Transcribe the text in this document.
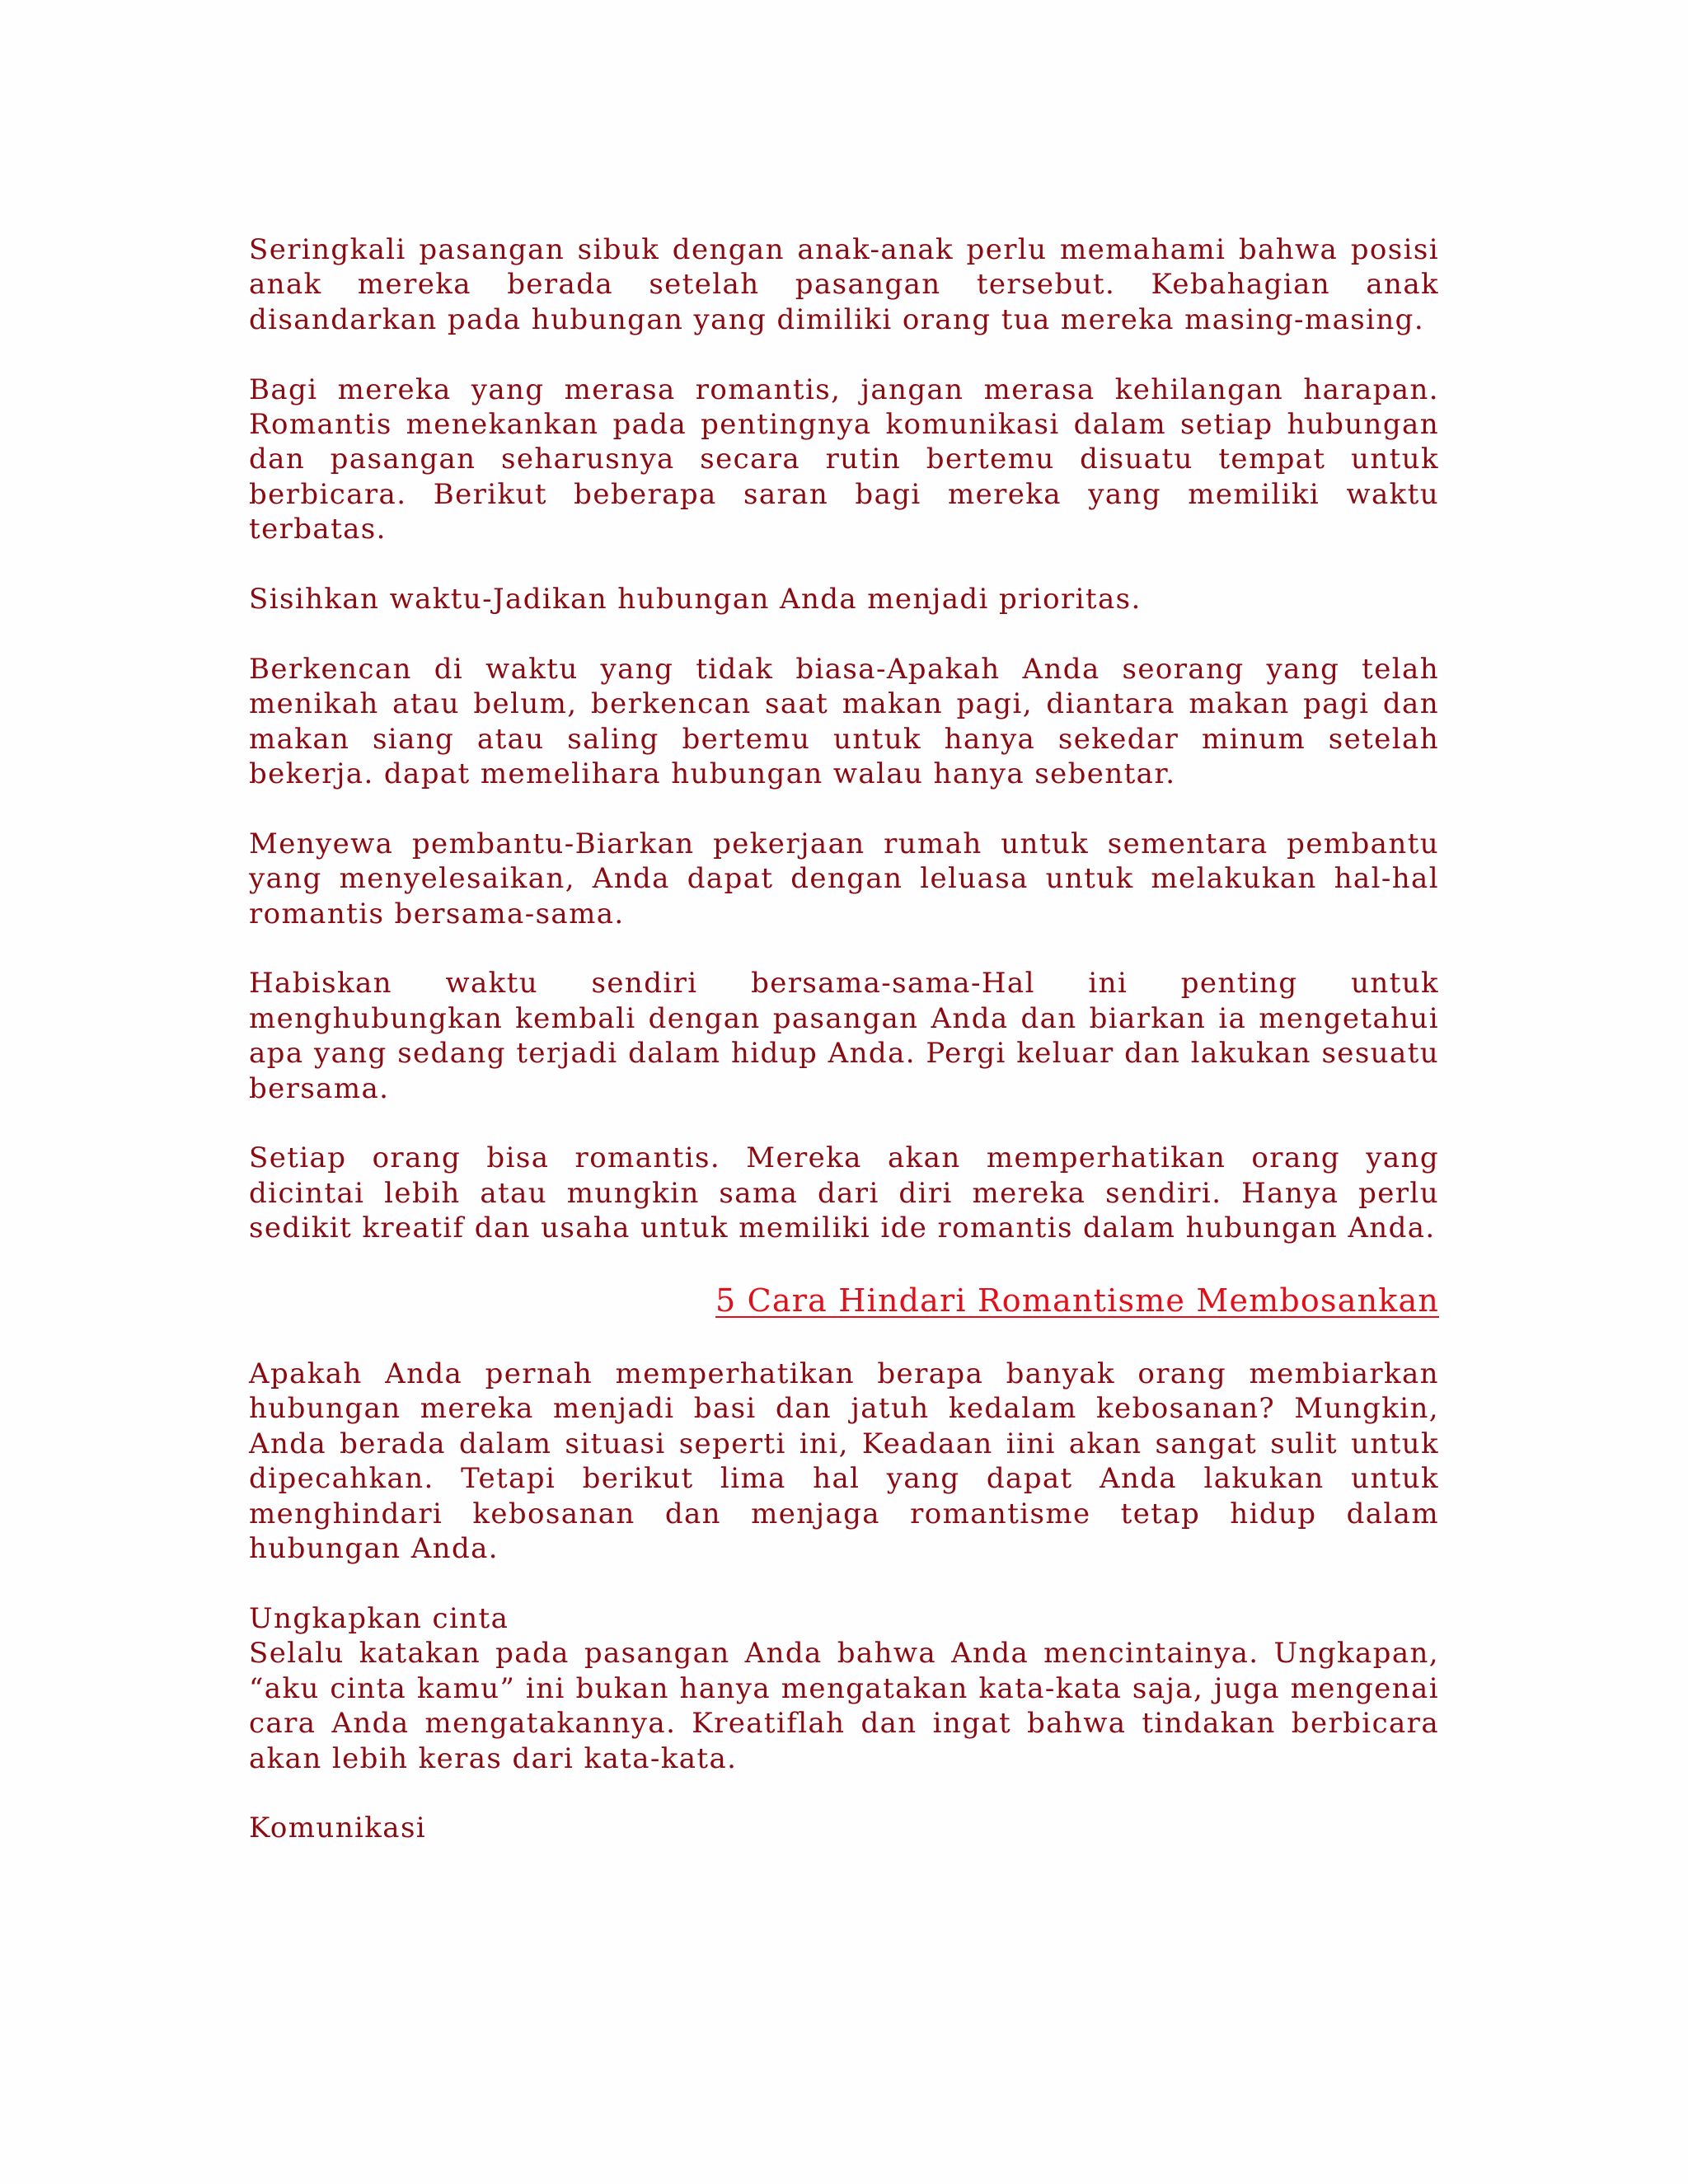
Seringkali pasangan sibuk dengan anak-anak perlu memahami bahwa posisi anak mereka berada setelah pasangan tersebut. Kebahagian anak disandarkan pada hubungan yang dimiliki orang tua mereka masing-masing.

Bagi mereka yang merasa romantis, jangan merasa kehilangan harapan. Romantis menekankan pada pentingnya komunikasi dalam setiap hubungan dan pasangan seharusnya secara rutin bertemu disuatu tempat untuk berbicara. Berikut beberapa saran bagi mereka yang memiliki waktu terbatas.

Sisihkan waktu-Jadikan hubungan Anda menjadi prioritas.

Berkencan di waktu yang tidak biasa-Apakah Anda seorang yang telah menikah atau belum, berkencan saat makan pagi, diantara makan pagi dan makan siang atau saling bertemu untuk hanya sekedar minum setelah bekerja. dapat memelihara hubungan walau hanya sebentar.

Menyewa pembantu-Biarkan pekerjaan rumah untuk sementara pembantu yang menyelesaikan, Anda dapat dengan leluasa untuk melakukan hal-hal romantis bersama-sama.

Habiskan waktu sendiri bersama-sama-Hal ini penting untuk menghubungkan kembali dengan pasangan Anda dan biarkan ia mengetahui apa yang sedang terjadi dalam hidup Anda. Pergi keluar dan lakukan sesuatu bersama.

Setiap orang bisa romantis. Mereka akan memperhatikan orang yang dicintai lebih atau mungkin sama dari diri mereka sendiri. Hanya perlu sedikit kreatif dan usaha untuk memiliki ide romantis dalam hubungan Anda.

5 Cara Hindari Romantisme Membosankan

Apakah Anda pernah memperhatikan berapa banyak orang membiarkan hubungan mereka menjadi basi dan jatuh kedalam kebosanan? Mungkin, Anda berada dalam situasi seperti ini, Keadaan iini akan sangat sulit untuk dipecahkan. Tetapi berikut lima hal yang dapat Anda lakukan untuk menghindari kebosanan dan menjaga romantisme tetap hidup dalam hubungan Anda.

Ungkapkan cinta

Selalu katakan pada pasangan Anda bahwa Anda mencintainya. Ungkapan, “aku cinta kamu” ini bukan hanya mengatakan kata-kata saja, juga mengenai cara Anda mengatakannya. Kreatiflah dan ingat bahwa tindakan berbicara akan lebih keras dari kata-kata.

Komunikasi
